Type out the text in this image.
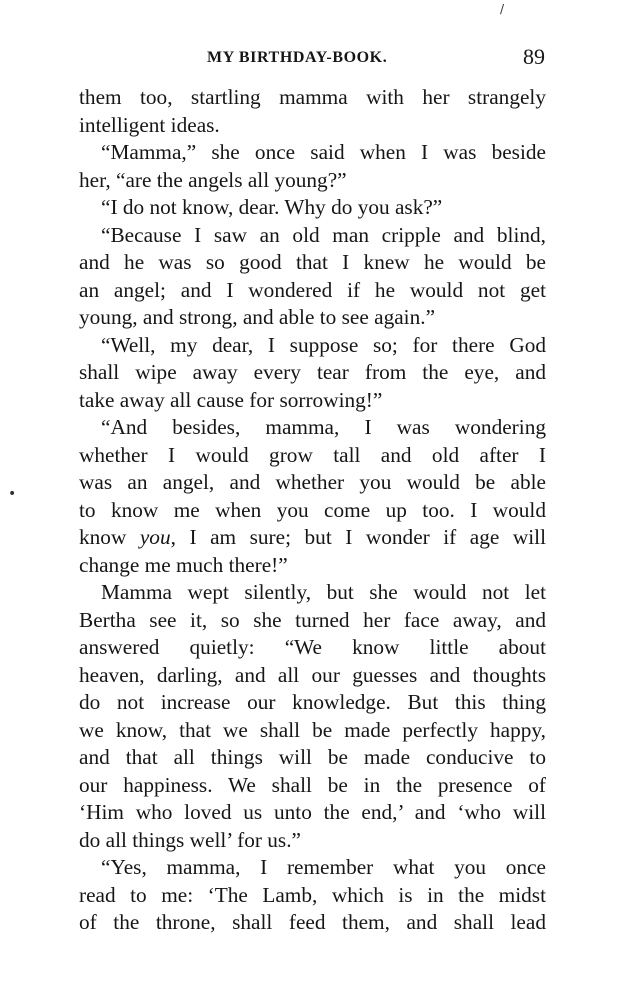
/
•
MY BIRTHDAY-BOOK.	89
them too, startling mamma with her strangely
intelligent ideas.
“Mamma,” she once said when I was beside
her, “are the angels all young?”
“I do not know, dear. Why do you ask?”
“Because I saw an old man cripple and blind,
and he was so good that I knew he would be
an angel; and I wondered if he would not get
young, and strong, and able to see again.”
“Well, my dear, I suppose so; for there God
shall wipe away every tear from the eye, and
take away all cause for sorrowing!”
“And besides, mamma, I was wondering
whether I would grow tall and old after I
was an angel, and whether you would be able
to know me when you come up too. I would
know you, I am sure; but I wonder if age will
change me much there!”
Mamma wept silently, but she would not let
Bertha see it, so she turned her face away, and
answered quietly: “We know little about
heaven, darling, and all our guesses and thoughts
do not increase our knowledge. But this thing
we know, that we shall be made perfectly happy,
and that all things will be made conducive to
our happiness. We shall be in the presence of
‘Him who loved us unto the end,’ and ‘who will
do all things well’ for us.”
“Yes, mamma, I remember what you once
read to me: ‘The Lamb, which is in the midst
of the throne, shall feed them, and shall lead
